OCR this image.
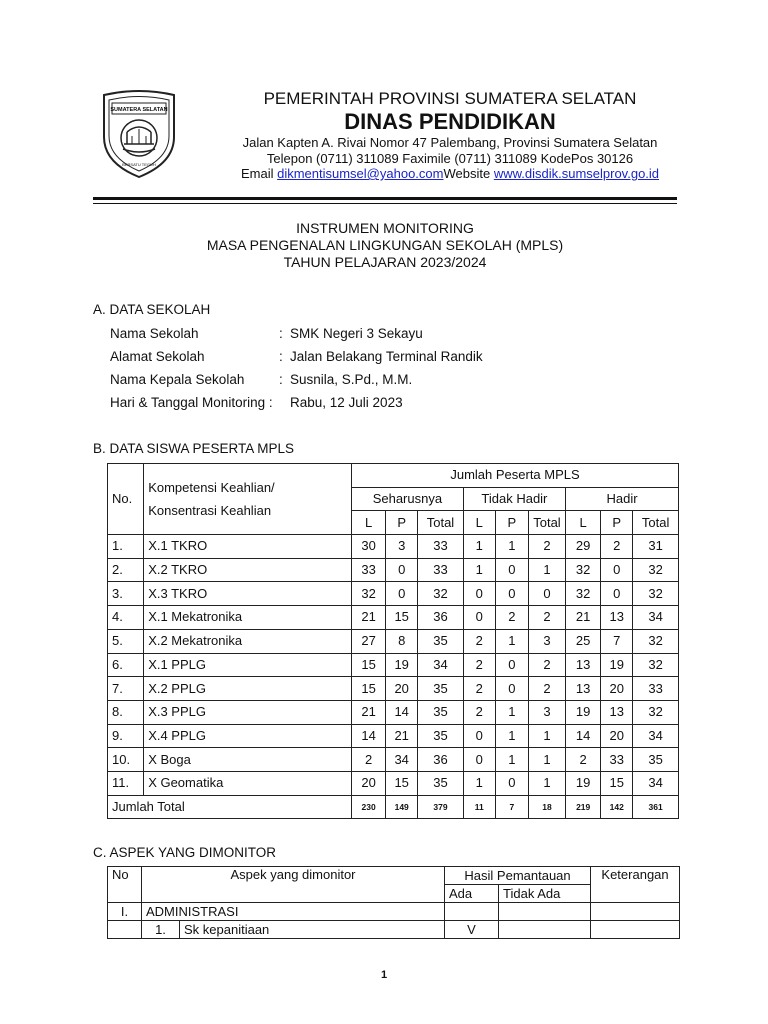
SUMATERA SELATAN
BERSATU TEGUH
PEMERINTAH PROVINSI SUMATERA SELATAN
DINAS PENDIDIKAN
Jalan Kapten A. Rivai Nomor 47 Palembang, Provinsi Sumatera Selatan
Telepon (0711) 311089 Faximile (0711) 311089 KodePos 30126
Email dikmentisumsel@yahoo.comWebsite www.disdik.sumselprov.go.id
INSTRUMEN MONITORING
MASA PENGENALAN LINGKUNGAN SEKOLAH (MPLS)
TAHUN PELAJARAN 2023/2024
A. DATA SEKOLAH
Nama Sekolah	: SMK Negeri 3 Sekayu
Alamat Sekolah	: Jalan Belakang Terminal Randik
Nama Kepala Sekolah	: Susnila, S.Pd., M.M.
Hari & Tanggal Monitoring : Rabu, 12 Juli 2023
B. DATA SISWA PESERTA MPLS
No.	Kompetensi Keahlian/
Konsentrasi Keahlian	Jumlah Peserta MPLS								
		Seharusnya			Tidak Hadir			Hadir		
		L	P	Total	L	P	Total	L	P	Total
1.	X.1 TKRO	30	3	33	1	1	2	29	2	31
2.	X.2 TKRO	33	0	33	1	0	1	32	0	32
3.	X.3 TKRO	32	0	32	0	0	0	32	0	32
4.	X.1 Mekatronika	21	15	36	0	2	2	21	13	34
5.	X.2 Mekatronika	27	8	35	2	1	3	25	7	32
6.	X.1 PPLG	15	19	34	2	0	2	13	19	32
7.	X.2 PPLG	15	20	35	2	0	2	13	20	33
8.	X.3 PPLG	21	14	35	2	1	3	19	13	32
9.	X.4 PPLG	14	21	35	0	1	1	14	20	34
10.	X Boga	2	34	36	0	1	1	2	33	35
11.	X Geomatika	20	15	35	1	0	1	19	15	34
Jumlah Total		230	149	379	11	7	18	219	142	361
C. ASPEK YANG DIMONITOR
No	Aspek yang dimonitor		Hasil Pemantauan		Keterangan
			Ada	Tidak Ada	
I.	ADMINISTRASI				
	1.	Sk kepanitiaan	V		
1
